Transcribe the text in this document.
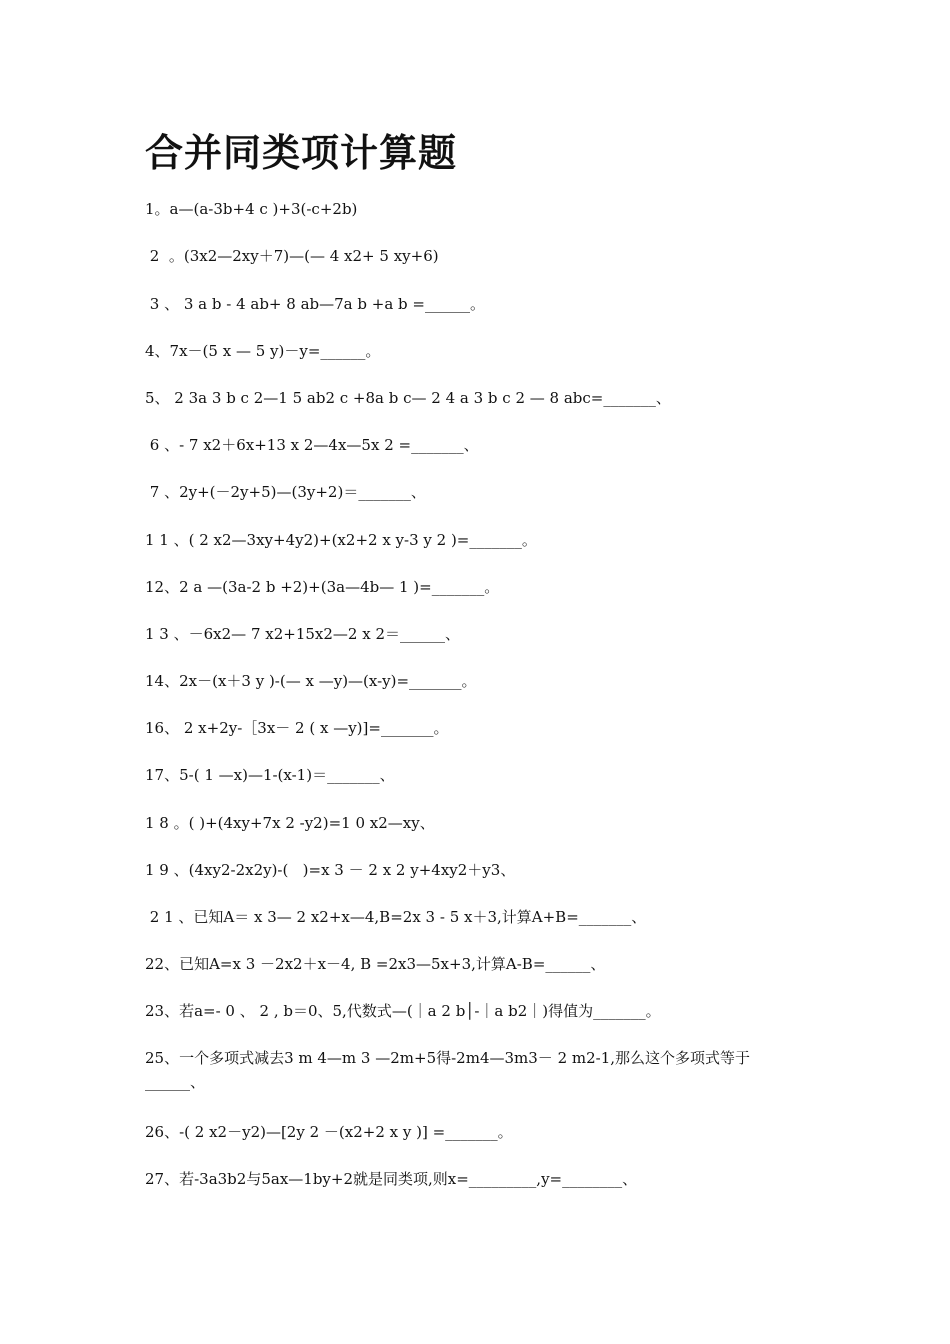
合并同类项计算题
1。a—(a-3b+4 c )+3(-c+2b)
2  。(3x2—2xy＋7)—(— 4 x2+ 5 xy+6)
3 、 3 a b - 4 ab+ 8 ab—7a b +a b =______。
4、7x－(5 x — 5 y)－y=______。
5、 2 3a 3 b c 2—1 5 ab2 c +8a b c— 2 4 a 3 b c 2 — 8 abc=_______、
6 、- 7 x2＋6x+13 x 2—4x—5x 2 =_______、
7 、2y+(－2y+5)—(3y+2)＝_______、
1 1 、( 2 x2—3xy+4y2)+(x2+2 x y-3 y 2 )=_______。
12、2 a —(3a-2 b +2)+(3a—4b— 1 )=_______。
1 3 、－6x2— 7 x2+15x2—2 x 2＝______、
14、2x－(x＋3 y )-(— x —y)—(x-y)=_______。
16、 2 x+2y-［3x－ 2 ( x —y)]=_______。
17、5-( 1 —x)—1-(x-1)＝_______、
1 8 。( )+(4xy+7x 2 -y2)=1 0 x2—xy、
1 9 、(4xy2-2x2y)-(   )=x 3 － 2 x 2 y+4xy2＋y3、
2 1 、已知A＝ x 3— 2 x2+x—4,B=2x 3 - 5 x＋3,计算A+B=_______、
22、已知A=x 3 －2x2＋x－4, B =2x3—5x+3,计算A-B=______、
23、若a=- 0 、 2 , b＝0、5,代数式—(｜a 2 b│-｜a b2｜)得值为_______。
25、一个多项式减去3 m 4—m 3 —2m+5得-2m4—3m3－ 2 m2-1,那么这个多项式等于______、
26、-( 2 x2－y2)—[2y 2 －(x2+2 x y )] =_______。
27、若-3a3b2与5ax—1by+2就是同类项,则x=_________,y=________、
